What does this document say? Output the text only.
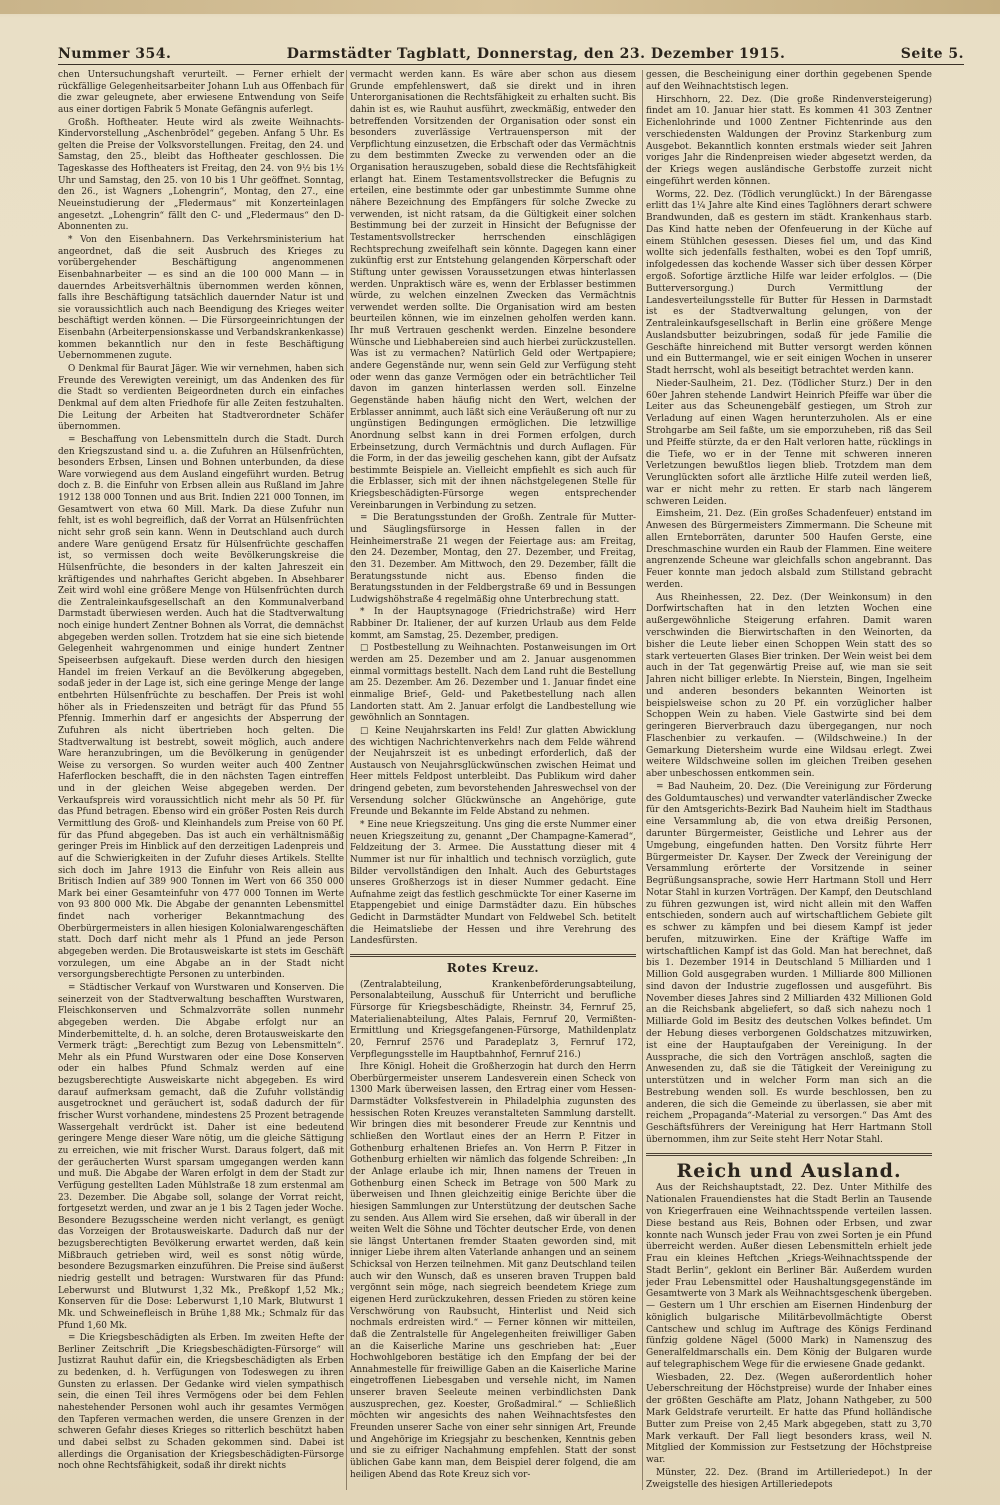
Nummer 354.	Darmstädter Tagblatt, Donnerstag, den 23. Dezember 1915.	Seite 5.

chen Untersuchungshaft verurteilt. — Ferner erhielt der rückfällige Gelegenheitsarbeiter Johann Luh aus Offenbach für die zwar geleugnete, aber erwiesene Entwendung von Seife aus einer dortigen Fabrik 5 Monate Gefängnis auferlegt.

Großh. Hoftheater. Heute wird als zweite Weihnachts-Kindervorstellung „Aschenbrödel“ gegeben. Anfang 5 Uhr. Es gelten die Preise der Volksvorstellungen. Freitag, den 24. und Samstag, den 25., bleibt das Hoftheater geschlossen. Die Tageskasse des Hoftheaters ist Freitag, den 24. von 9½ bis 1½ Uhr und Samstag, den 25. von 10 bis 1 Uhr geöffnet. Sonntag, den 26., ist Wagners „Lohengrin“, Montag, den 27., eine Neueinstudierung der „Fledermaus“ mit Konzerteinlagen angesetzt. „Lohengrin“ fällt den C- und „Fledermaus“ den D-Abonnenten zu.

* Von den Eisenbahnern. Das Verkehrsministerium hat angeordnet, daß die seit Ausbruch des Krieges zu vorübergehender Beschäftigung angenommenen Eisenbahnarbeiter — es sind an die 100 000 Mann — in dauerndes Arbeitsverhältnis übernommen werden können, falls ihre Beschäftigung tatsächlich dauernder Natur ist und sie voraussichtlich auch nach Beendigung des Krieges weiter beschäftigt werden können. — Die Fürsorgeeinrichtungen der Eisenbahn (Arbeiterpensionskasse und Verbandskrankenkasse) kommen bekanntlich nur den in feste Beschäftigung Uebernommenen zugute.

O Denkmal für Baurat Jäger. Wie wir vernehmen, haben sich Freunde des Verewigten vereinigt, um das Andenken des für die Stadt so verdienten Beigeordneten durch ein einfaches Denkmal auf dem alten Friedhofe für alle Zeiten festzuhalten. Die Leitung der Arbeiten hat Stadtverordneter Schäfer übernommen.

= Beschaffung von Lebensmitteln durch die Stadt. Durch den Kriegszustand sind u. a. die Zufuhren an Hülsenfrüchten, besonders Erbsen, Linsen und Bohnen unterbunden, da diese Ware vorwiegend aus dem Ausland eingeführt wurden. Betrug doch z. B. die Einfuhr von Erbsen allein aus Rußland im Jahre 1912 138 000 Tonnen und aus Brit. Indien 221 000 Tonnen, im Gesamtwert von etwa 60 Mill. Mark. Da diese Zufuhr nun fehlt, ist es wohl begreiflich, daß der Vorrat an Hülsenfrüchten nicht sehr groß sein kann. Wenn in Deutschland auch durch andere Ware genügend Ersatz für Hülsenfrüchte geschaffen ist, so vermissen doch weite Bevölkerungskreise die Hülsenfrüchte, die besonders in der kalten Jahreszeit ein kräftigendes und nahrhaftes Gericht abgeben. In Absehbarer Zeit wird wohl eine größere Menge von Hülsenfrüchten durch die Zentraleinkaufsgesellschaft an den Kommunalverband Darmstadt überwiesen werden. Auch hat die Stadtverwaltung noch einige hundert Zentner Bohnen als Vorrat, die demnächst abgegeben werden sollen. Trotzdem hat sie eine sich bietende Gelegenheit wahrgenommen und einige hundert Zentner Speiseerbsen aufgekauft. Diese werden durch den hiesigen Handel im freien Verkauf an die Bevölkerung abgegeben, sodaß jeder in der Lage ist, sich eine geringe Menge der lange entbehrten Hülsenfrüchte zu beschaffen. Der Preis ist wohl höher als in Friedenszeiten und beträgt für das Pfund 55 Pfennig. Immerhin darf er angesichts der Absperrung der Zufuhren als nicht übertrieben hoch gelten. Die Stadtverwaltung ist bestrebt, soweit möglich, auch andere Ware heranzubringen, um die Bevölkerung in genügender Weise zu versorgen. So wurden weiter auch 400 Zentner Haferflocken beschafft, die in den nächsten Tagen eintreffen und in der gleichen Weise abgegeben werden. Der Verkaufspreis wird voraussichtlich nicht mehr als 50 Pf. für das Pfund betragen. Ebenso wird ein größer Posten Reis durch Vermittlung des Groß- und Kleinhandels zum Preise von 60 Pf. für das Pfund abgegeben. Das ist auch ein verhältnismäßig geringer Preis im Hinblick auf den derzeitigen Ladenpreis und auf die Schwierigkeiten in der Zufuhr dieses Artikels. Stellte sich doch im Jahre 1913 die Einfuhr von Reis allein aus Britisch Indien auf 389 900 Tonnen im Wert von 66 350 000 Mark bei einer Gesamteinfuhr von 477 000 Tonnen im Werte von 93 800 000 Mk. Die Abgabe der genannten Lebensmittel findet nach vorheriger Bekanntmachung des Oberbürgermeisters in allen hiesigen Kolonialwarengeschäften statt. Doch darf nicht mehr als 1 Pfund an jede Person abgegeben werden. Die Brotausweiskarte ist stets im Geschäft vorzulegen, um eine Abgabe an in der Stadt nicht versorgungsberechtigte Personen zu unterbinden.

= Städtischer Verkauf von Wurstwaren und Konserven. Die seinerzeit von der Stadtverwaltung beschafften Wurstwaren, Fleischkonserven und Schmalzvorräte sollen nunmehr abgegeben werden. Die Abgabe erfolgt nur an Minderbemittelte, d. h. an solche, deren Brotausweiskarte den Vermerk trägt: „Berechtigt zum Bezug von Lebensmitteln“. Mehr als ein Pfund Wurstwaren oder eine Dose Konserven oder ein halbes Pfund Schmalz werden auf eine bezugsberechtigte Ausweiskarte nicht abgegeben. Es wird darauf aufmerksam gemacht, daß die Zufuhr vollständig ausgetrocknet und geräuchert ist, sodaß dadurch der für frischer Wurst vorhandene, mindestens 25 Prozent betragende Wassergehalt verdrückt ist. Daher ist eine bedeutend geringere Menge dieser Ware nötig, um die gleiche Sättigung zu erreichen, wie mit frischer Wurst. Daraus folgert, daß mit der geräucherten Wurst sparsam umgegangen werden kann und muß. Die Abgabe der Waren erfolgt in dem der Stadt zur Verfügung gestellten Laden Mühlstraße 18 zum erstenmal am 23. Dezember. Die Abgabe soll, solange der Vorrat reicht, fortgesetzt werden, und zwar an je 1 bis 2 Tagen jeder Woche. Besondere Bezugsscheine werden nicht verlangt, es genügt das Vorzeigen der Brotausweiskarte. Dadurch daß nur der bezugsberechtigten Bevölkerung erwartet werden, daß kein Mißbrauch getrieben wird, weil es sonst nötig würde, besondere Bezugsmarken einzuführen. Die Preise sind äußerst niedrig gestellt und betragen: Wurstwaren für das Pfund: Leberwurst und Blutwurst 1,32 Mk., Preßkopf 1,52 Mk.; Konserven für die Dose: Leberwurst 1,10 Mark, Blutwurst 1 Mk. und Schweinefleisch in Brühe 1,88 Mk.; Schmalz für das Pfund 1,60 Mk.

= Die Kriegsbeschädigten als Erben. Im zweiten Hefte der Berliner Zeitschrift „Die Kriegsbeschädigten-Fürsorge“ will Justizrat Rauhut dafür ein, die Kriegsbeschädigten als Erben zu bedenken, d. h. Verfügungen von Todeswegen zu ihren Gunsten zu erlassen. Der Gedanke wird vielen sympathisch sein, die einen Teil ihres Vermögens oder bei dem Fehlen nahestehender Personen wohl auch ihr gesamtes Vermögen den Tapferen vermachen werden, die unsere Grenzen in der schweren Gefahr dieses Krieges so ritterlich beschützt haben und dabei selbst zu Schaden gekommen sind. Dabei ist allerdings die Organisation der Kriegsbeschädigten-Fürsorge noch ohne Rechtsfähigkeit, sodaß ihr direkt nichts

vermacht werden kann. Es wäre aber schon aus diesem Grunde empfehlenswert, daß sie direkt und in ihren Unterorganisationen die Rechtsfähigkeit zu erhalten sucht. Bis dahin ist es, wie Rauhut ausführt, zweckmäßig, entweder den betreffenden Vorsitzenden der Organisation oder sonst ein besonders zuverlässige Vertrauensperson mit der Verpflichtung einzusetzen, die Erbschaft oder das Vermächtnis zu dem bestimmten Zwecke zu verwenden oder an die Organisation herauszugeben, sobald diese die Rechtsfähigkeit erlangt hat. Einem Testamentsvollstrecker die Befugnis zu erteilen, eine bestimmte oder gar unbestimmte Summe ohne nähere Bezeichnung des Empfängers für solche Zwecke zu verwenden, ist nicht ratsam, da die Gültigkeit einer solchen Bestimmung bei der zurzeit in Hinsicht der Befugnisse der Testamentsvollstrecker herrschenden einschlägigen Rechtsprechung zweifelhaft sein könnte. Dagegen kann einer zukünftig erst zur Entstehung gelangenden Körperschaft oder Stiftung unter gewissen Voraussetzungen etwas hinterlassen werden. Unpraktisch wäre es, wenn der Erblasser bestimmen würde, zu welchen einzelnen Zwecken das Vermächtnis verwendet werden sollte. Die Organisation wird am besten beurteilen können, wie im einzelnen geholfen werden kann. Ihr muß Vertrauen geschenkt werden. Einzelne besondere Wünsche und Liebhabereien sind auch hierbei zurückzustellen. Was ist zu vermachen? Natürlich Geld oder Wertpapiere; andere Gegenstände nur, wenn sein Geld zur Verfügung steht oder wenn das ganze Vermögen oder ein beträchtlicher Teil davon im ganzen hinterlassen werden soll. Einzelne Gegenstände haben häufig nicht den Wert, welchen der Erblasser annimmt, auch läßt sich eine Veräußerung oft nur zu ungünstigen Bedingungen ermöglichen. Die letzwillige Anordnung selbst kann in drei Formen erfolgen, durch Erbeinsetzung, durch Vermächtnis und durch Auflagen. Für die Form, in der das jeweilig geschehen kann, gibt der Aufsatz bestimmte Beispiele an. Vielleicht empfiehlt es sich auch für die Erblasser, sich mit der ihnen nächstgelegenen Stelle für Kriegsbeschädigten-Fürsorge wegen entsprechender Vereinbarungen in Verbindung zu setzen.

= Die Beratungsstunden der Großh. Zentrale für Mutter- und Säuglingsfürsorge in Hessen fallen in der Heinheimerstraße 21 wegen der Feiertage aus: am Freitag, den 24. Dezember, Montag, den 27. Dezember, und Freitag, den 31. Dezember. Am Mittwoch, den 29. Dezember, fällt die Beratungsstunde nicht aus. Ebenso finden die Beratungsstunden in der Feldbergstraße 69 und in Bessungen Ludwigshöhstraße 4 regelmäßig ohne Unterbrechung statt.

* In der Hauptsynagoge (Friedrichstraße) wird Herr Rabbiner Dr. Italiener, der auf kurzen Urlaub aus dem Felde kommt, am Samstag, 25. Dezember, predigen.

□ Postbestellung zu Weihnachten. Postanweisungen im Ort werden am 25. Dezember und am 2. Januar ausgenommen einmal vormittags bestellt. Nach dem Land ruht die Bestellung am 25. Dezember. Am 26. Dezember und 1. Januar findet eine einmalige Brief-, Geld- und Paketbestellung nach allen Landorten statt. Am 2. Januar erfolgt die Landbestellung wie gewöhnlich an Sonntagen.

□ Keine Neujahrskarten ins Feld! Zur glatten Abwicklung des wichtigen Nachrichtenverkehrs nach dem Felde während der Neujahrszeit ist es unbedingt erforderlich, daß der Austausch von Neujahrsglückwünschen zwischen Heimat und Heer mittels Feldpost unterbleibt. Das Publikum wird daher dringend gebeten, zum bevorstehenden Jahreswechsel von der Versendung solcher Glückwünsche an Angehörige, gute Freunde und Bekannte im Felde Abstand zu nehmen.

* Eine neue Kriegszeitung. Uns ging die erste Nummer einer neuen Kriegszeitung zu, genannt „Der Champagne-Kamerad“, Feldzeitung der 3. Armee. Die Ausstattung dieser mit 4 Nummer ist nur für inhaltlich und technisch vorzüglich, gute Bilder vervollständigen den Inhalt. Auch des Geburtstages unseres Großherzogs ist in dieser Nummer gedacht. Eine Aufnahme zeigt das festlich geschmückte Tor einer Kaserne im Etappengebiet und einige Darmstädter dazu. Ein hübsches Gedicht in Darmstädter Mundart von Feldwebel Sch. betitelt die Heimatsliebe der Hessen und ihre Verehrung des Landesfürsten.

Rotes Kreuz.

(Zentralabteilung, Krankenbeförderungsabteilung, Personalabteilung, Ausschuß für Unterricht und berufliche Fürsorge für Kriegsbeschädigte, Rheinstr. 34, Fernruf 25, Materialienabteilung, Altes Palais, Fernruf 20, Vermißten-Ermittlung und Kriegsgefangenen-Fürsorge, Mathildenplatz 20, Fernruf 2576 und Paradeplatz 3, Fernruf 172, Verpflegungsstelle im Hauptbahnhof, Fernruf 216.)

Ihre Königl. Hoheit die Großherzogin hat durch den Herrn Oberbürgermeister unserem Landesverein einen Scheck von 1300 Mark überweisen lassen, den Ertrag einer vom Hessen-Darmstädter Volksfestverein in Philadelphia zugunsten des hessischen Roten Kreuzes veranstalteten Sammlung darstellt. Wir bringen dies mit besonderer Freude zur Kenntnis und schließen den Wortlaut eines der an Herrn P. Fitzer in Gothenburg erhaltenen Briefes an. Von Herrn P. Fitzer in Gothenburg erhielten wir nämlich das folgende Schreiben: „In der Anlage erlaube ich mir, Ihnen namens der Treuen in Gothenburg einen Scheck im Betrage von 500 Mark zu überweisen und Ihnen gleichzeitig einige Berichte über die hiesigen Sammlungen zur Unterstützung der deutschen Sache zu senden. Aus Allem wird Sie ersehen, daß wir überall in der weiten Welt die Söhne und Töchter deutscher Erde, von denen sie längst Untertanen fremder Staaten geworden sind, mit inniger Liebe ihrem alten Vaterlande anhangen und an seinem Schicksal von Herzen teilnehmen. Mit ganz Deutschland teilen auch wir den Wunsch, daß es unseren braven Truppen bald vergönnt sein möge, nach siegreich beendetem Kriege zum eigenen Herd zurückzukehren, dessen Frieden zu stören keine Verschwörung von Raubsucht, Hinterlist und Neid sich nochmals erdreisten wird.“ — Ferner können wir mitteilen, daß die Zentralstelle für Angelegenheiten freiwilliger Gaben an die Kaiserliche Marine uns geschrieben hat: „Euer Hochwohlgeboren bestätige ich den Empfang der bei der Annahmestelle für freiwillige Gaben an die Kaiserliche Marine eingetroffenen Liebesgaben und versehle nicht, im Namen unserer braven Seeleute meinen verbindlichsten Dank auszusprechen, gez. Koester, Großadmiral.“ — Schließlich möchten wir angesichts des nahen Weihnachtsfestes den Freunden unserer Sache von einer sehr sinnigen Art, Freunde und Angehörige im Kriegsjahr zu beschenken, Kenntnis geben und sie zu eifriger Nachahmung empfehlen. Statt der sonst üblichen Gabe kann man, dem Beispiel derer folgend, die am heiligen Abend das Rote Kreuz sich vor-

gessen, die Bescheinigung einer dorthin gegebenen Spende auf den Weihnachtstisch legen.

Hirschhorn, 22. Dez. (Die große Rindenversteigerung) findet am 10. Januar hier statt. Es kommen 41 303 Zentner Eichenlohrinde und 1000 Zentner Fichtenrinde aus den verschiedensten Waldungen der Provinz Starkenburg zum Ausgebot. Bekanntlich konnten erstmals wieder seit Jahren voriges Jahr die Rindenpreisen wieder abgesetzt werden, da der Kriegs wegen ausländische Gerbstoffe zurzeit nicht eingeführt werden können.

Worms, 22. Dez. (Tödlich verunglückt.) In der Bärengasse erlitt das 1¼ Jahre alte Kind eines Taglöhners derart schwere Brandwunden, daß es gestern im städt. Krankenhaus starb. Das Kind hatte neben der Ofenfeuerung in der Küche auf einem Stühlchen gesessen. Dieses fiel um, und das Kind wollte sich jedenfalls festhalten, wobei es den Topf umriß, infolgedessen das kochende Wasser sich über dessen Körper ergoß. Sofortige ärztliche Hilfe war leider erfolglos. — (Die Butterversorgung.) Durch Vermittlung der Landesverteilungsstelle für Butter für Hessen in Darmstadt ist es der Stadtverwaltung gelungen, von der Zentraleinkaufsgesellschaft in Berlin eine größere Menge Auslandsbutter beizubringen, sodaß für jede Familie die Geschäfte hinreichend mit Butter versorgt werden können und ein Buttermangel, wie er seit einigen Wochen in unserer Stadt herrscht, wohl als beseitigt betrachtet werden kann.

Nieder-Saulheim, 21. Dez. (Tödlicher Sturz.) Der in den 60er Jahren stehende Landwirt Heinrich Pfeiffe war über die Leiter aus das Scheunengebälf gestiegen, um Stroh zur Verladung auf einen Wagen herunterzuholen. Als er eine Strohgarbe am Seil faßte, um sie emporzuheben, riß das Seil und Pfeiffe stürzte, da er den Halt verloren hatte, rücklings in die Tiefe, wo er in der Tenne mit schweren inneren Verletzungen bewußtlos liegen blieb. Trotzdem man dem Verunglückten sofort alle ärztliche Hilfe zuteil werden ließ, war er nicht mehr zu retten. Er starb nach längerem schweren Leiden.

Eimsheim, 21. Dez. (Ein großes Schadenfeuer) entstand im Anwesen des Bürgermeisters Zimmermann. Die Scheune mit allen Ernteborräten, darunter 500 Haufen Gerste, eine Dreschmaschine wurden ein Raub der Flammen. Eine weitere angrenzende Scheune war gleichfalls schon angebrannt. Das Feuer konnte man jedoch alsbald zum Stillstand gebracht werden.

Aus Rheinhessen, 22. Dez. (Der Weinkonsum) in den Dorfwirtschaften hat in den letzten Wochen eine außergewöhnliche Steigerung erfahren. Damit waren verschwinden die Bierwirtschaften in den Weinorten, da bisher die Leute lieber einen Schoppen Wein statt des so stark verteuerten Glases Bier trinken. Der Wein weist bei dem auch in der Tat gegenwärtig Preise auf, wie man sie seit Jahren nicht billiger erlebte. In Nierstein, Bingen, Ingelheim und anderen besonders bekannten Weinorten ist beispielsweise schon zu 20 Pf. ein vorzüglicher halber Schoppen Wein zu haben. Viele Gastwirte sind bei dem geringeren Bierverbrauch dazu übergegangen, nur noch Flaschenbier zu verkaufen. — (Wildschweine.) In der Gemarkung Dietersheim wurde eine Wildsau erlegt. Zwei weitere Wildschweine sollen im gleichen Treiben gesehen aber unbeschossen entkommen sein.

= Bad Nauheim, 20. Dez. (Die Vereinigung zur Förderung des Goldumtausches) und verwandter vaterländischer Zwecke für den Amtsgerichts-Bezirk Bad Nauheim hielt im Stadthaus eine Versammlung ab, die von etwa dreißig Personen, darunter Bürgermeister, Geistliche und Lehrer aus der Umgebung, eingefunden hatten. Den Vorsitz führte Herr Bürgermeister Dr. Kayser. Der Zweck der Vereinigung der Versammlung erörterte der Vorsitzende in seiner Begrüßungsansprache, sowie Herr Hartmann Stoll und Herr Notar Stahl in kurzen Vorträgen. Der Kampf, den Deutschland zu führen gezwungen ist, wird nicht allein mit den Waffen entschieden, sondern auch auf wirtschaftlichem Gebiete gilt es schwer zu kämpfen und bei diesem Kampf ist jeder berufen, mitzuwirken. Eine der Kräftige Waffe im wirtschaftlichen Kampf ist das Gold. Man hat berechnet, daß bis 1. Dezember 1914 in Deutschland 5 Milliarden und 1 Million Gold ausgegraben wurden. 1 Milliarde 800 Millionen sind davon der Industrie zugeflossen und ausgeführt. Bis November dieses Jahres sind 2 Milliarden 432 Millionen Gold an die Reichsbank abgeliefert, so daß sich nahezu noch 1 Milliarde Gold im Besitz des deutschen Volkes befindet. Um der Hebung dieses verborgenen Goldschatzes mitzuwirken, ist eine der Hauptaufgaben der Vereinigung. In der Aussprache, die sich den Vorträgen anschloß, sagten die Anwesenden zu, daß sie die Tätigkeit der Vereinigung zu unterstützen und in welcher Form man sich an die Bestrebung wenden soll. Es wurde beschlossen, ben zu anderen, die sich die Gemeinde zu überlassen, sie aber mit reichem „Propaganda“-Material zu versorgen.“ Das Amt des Geschäftsführers der Vereinigung hat Herr Hartmann Stoll übernommen, ihm zur Seite steht Herr Notar Stahl.

Reich und Ausland.

Aus der Reichshauptstadt, 22. Dez. Unter Mithilfe des Nationalen Frauendienstes hat die Stadt Berlin an Tausende von Kriegerfrauen eine Weihnachtsspende verteilen lassen. Diese bestand aus Reis, Bohnen oder Erbsen, und zwar konnte nach Wunsch jeder Frau von zwei Sorten je ein Pfund überreicht werden. Außer diesen Lebensmitteln erhielt jede Frau ein kleines Heftchen „Kriegs-Weihnachtsspende der Stadt Berlin“, geklont ein Berliner Bär. Außerdem wurden jeder Frau Lebensmittel oder Haushaltungsgegenstände im Gesamtwerte von 3 Mark als Weihnachtsgeschenk übergeben. — Gestern um 1 Uhr erschien am Eisernen Hindenburg der königlich bulgarische Militärbevollmächtigte Oberst Cantschew und schlug im Auftrage des Königs Ferdinand fünfzig goldene Nägel (5000 Mark) in Namenszug des Generalfeldmarschalls ein. Dem König der Bulgaren wurde auf telegraphischem Wege für die erwiesene Gnade gedankt.

Wiesbaden, 22. Dez. (Wegen außerordentlich hoher Ueberschreitung der Höchstpreise) wurde der Inhaber eines der größten Geschäfte am Platz, Johann Nathgeber, zu 500 Mark Geldstrafe verurteilt. Er hatte das Pfund holländische Butter zum Preise von 2,45 Mark abgegeben, statt zu 3,70 Mark verkauft. Der Fall liegt besonders krass, weil N. Mitglied der Kommission zur Festsetzung der Höchstpreise war.

Münster, 22. Dez. (Brand im Artilleriedepot.) In der Zweigstelle des hiesigen Artilleriedepots
